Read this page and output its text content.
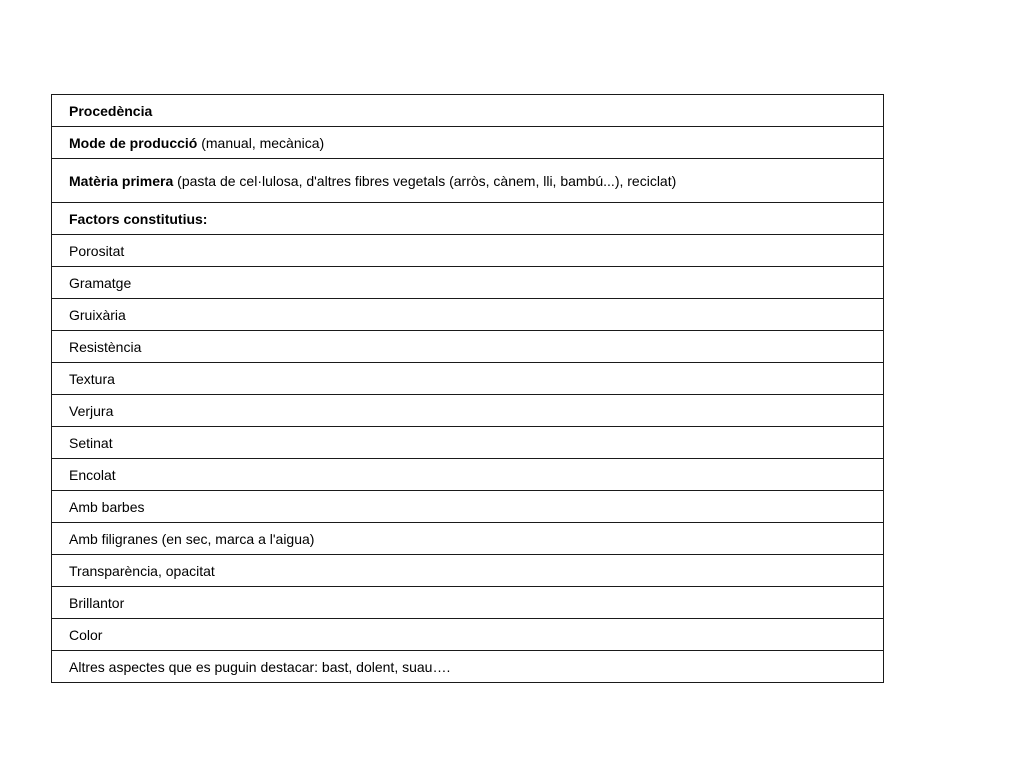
Procedència
Mode de producció (manual, mecànica)
Matèria primera (pasta de cel·lulosa, d'altres fibres vegetals (arròs, cànem, lli, bambú...), reciclat)
Factors constitutius:
Porositat
Gramatge
Gruixària
Resistència
Textura
Verjura
Setinat
Encolat
Amb barbes
Amb filigranes (en sec, marca a l'aigua)
Transparència, opacitat
Brillantor
Color
Altres aspectes que es puguin destacar: bast, dolent, suau….
